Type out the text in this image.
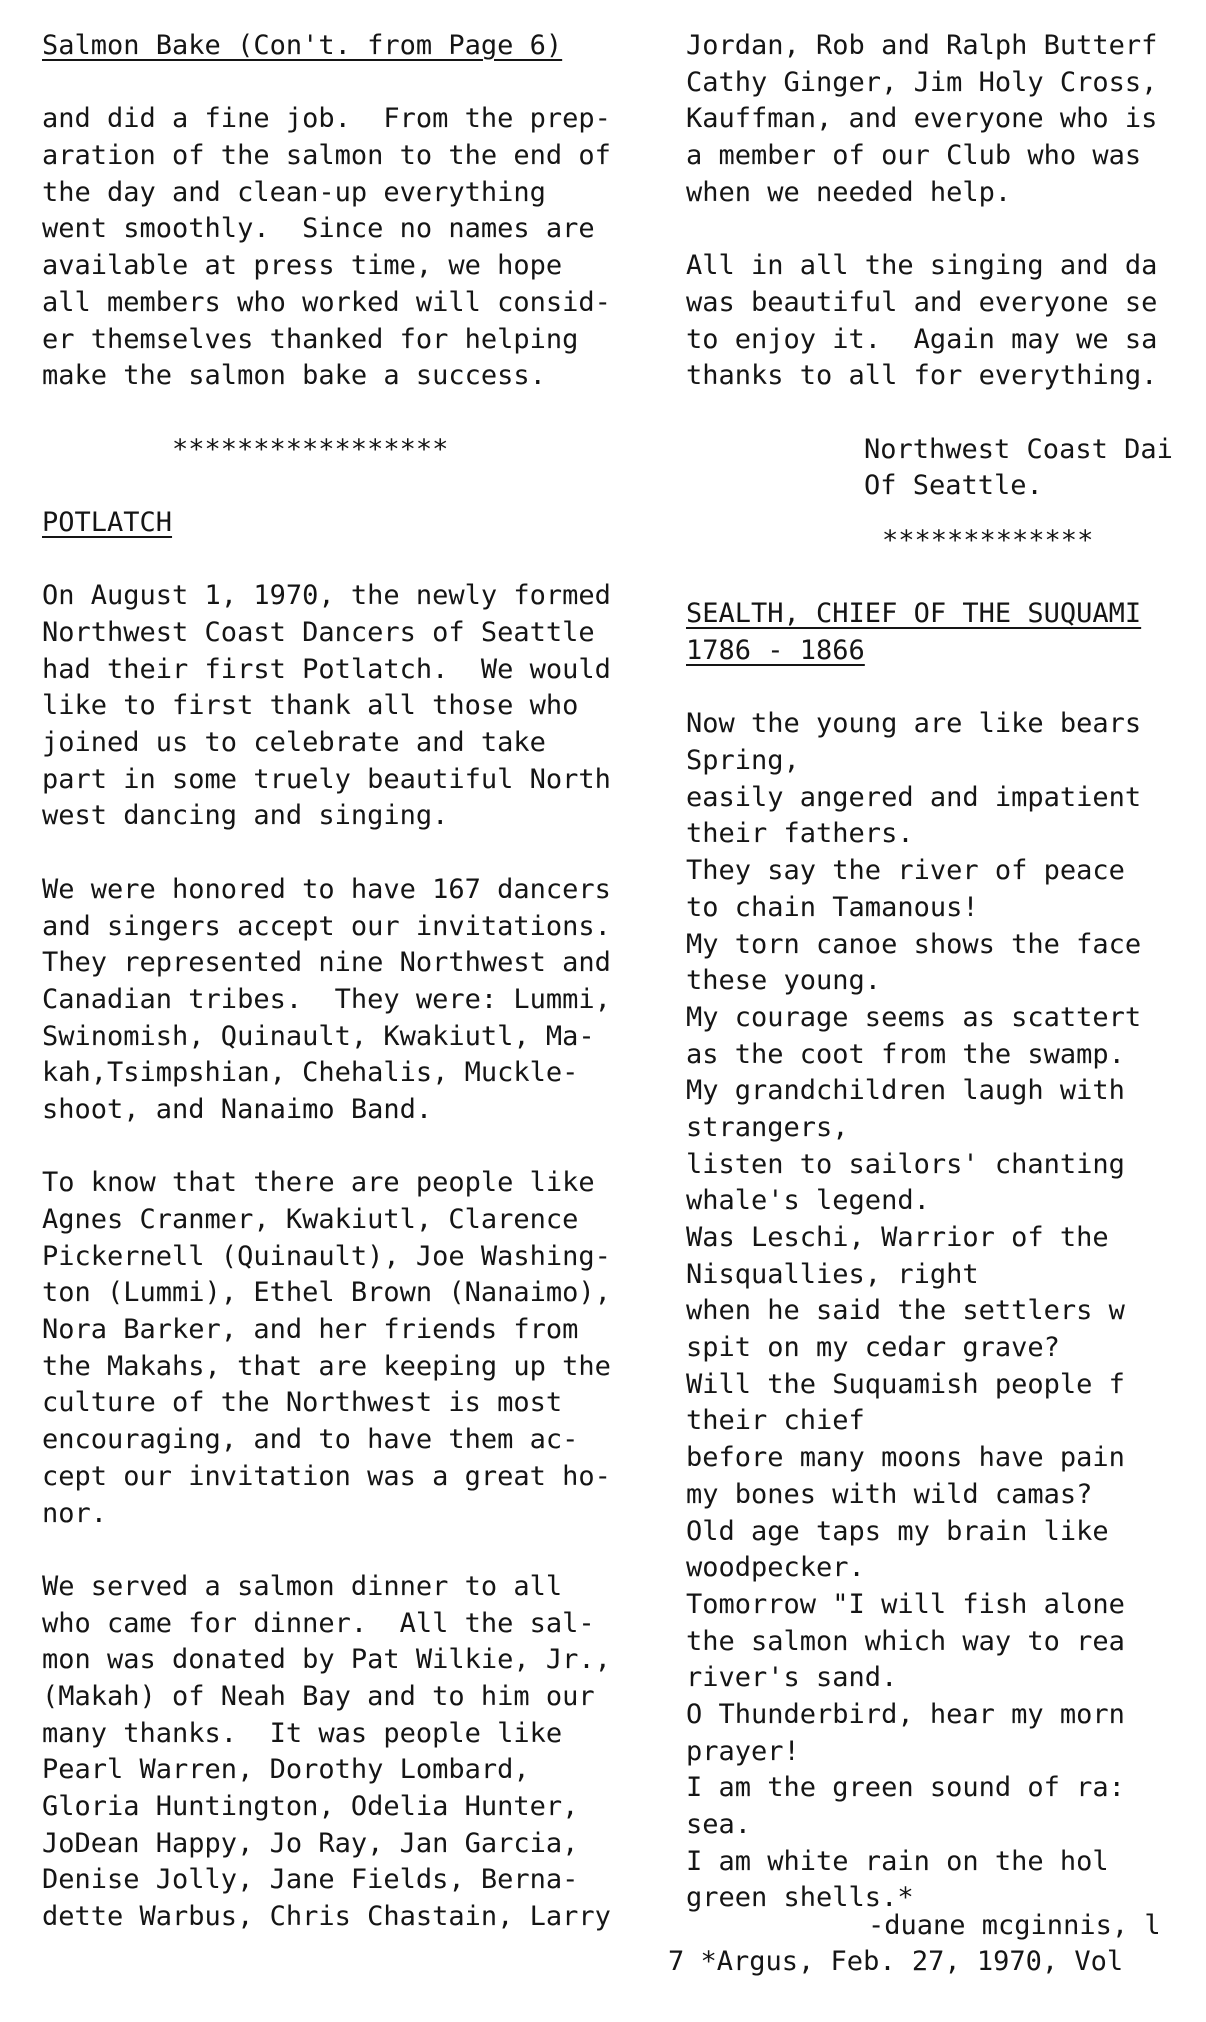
Salmon Bake (Con't. from Page 6)
and did a fine job.  From the prep-
aration of the salmon to the end of
the day and clean-up everything
went smoothly.  Since no names are
available at press time, we hope
all members who worked will consid-
er themselves thanked for helping
make the salmon bake a success.
*****************
POTLATCH
On August 1, 1970, the newly formed
Northwest Coast Dancers of Seattle
had their first Potlatch.  We would
like to first thank all those who
joined us to celebrate and take
part in some truely beautiful North
west dancing and singing.
We were honored to have 167 dancers
and singers accept our invitations.
They represented nine Northwest and
Canadian tribes.  They were: Lummi,
Swinomish, Quinault, Kwakiutl, Ma-
kah,Tsimpshian, Chehalis, Muckle-
shoot, and Nanaimo Band.
To know that there are people like
Agnes Cranmer, Kwakiutl, Clarence
Pickernell (Quinault), Joe Washing-
ton (Lummi), Ethel Brown (Nanaimo),
Nora Barker, and her friends from
the Makahs, that are keeping up the
culture of the Northwest is most
encouraging, and to have them ac-
cept our invitation was a great ho-
nor.
We served a salmon dinner to all
who came for dinner.  All the sal-
mon was donated by Pat Wilkie, Jr.,
(Makah) of Neah Bay and to him our
many thanks.  It was people like
Pearl Warren, Dorothy Lombard,
Gloria Huntington, Odelia Hunter,
JoDean Happy, Jo Ray, Jan Garcia,
Denise Jolly, Jane Fields, Berna-
dette Warbus, Chris Chastain, Larry
Jordan, Rob and Ralph Butterf
Cathy Ginger, Jim Holy Cross,
Kauffman, and everyone who is
a member of our Club who was
when we needed help.
All in all the singing and da
was beautiful and everyone se
to enjoy it.  Again may we sa
thanks to all for everything.
Northwest Coast Dai
Of Seattle.
*************
SEALTH, CHIEF OF THE SUQUAMI
1786 - 1866
Now the young are like bears
Spring,
easily angered and impatient
their fathers.
They say the river of peace
to chain Tamanous!
My torn canoe shows the face
these young.
My courage seems as scattert
as the coot from the swamp.
My grandchildren laugh with
strangers,
listen to sailors' chanting
whale's legend.
Was Leschi, Warrior of the
Nisquallies, right
when he said the settlers w
spit on my cedar grave?
Will the Suquamish people f
their chief
before many moons have pain
my bones with wild camas?
Old age taps my brain like
woodpecker.
Tomorrow "I will fish alone
the salmon which way to rea
river's sand.
O Thunderbird, hear my morn
prayer!
I am the green sound of ra:
sea.
I am white rain on the hol
green shells.*
-duane mcginnis, l
7 *Argus, Feb. 27, 1970, Vol
